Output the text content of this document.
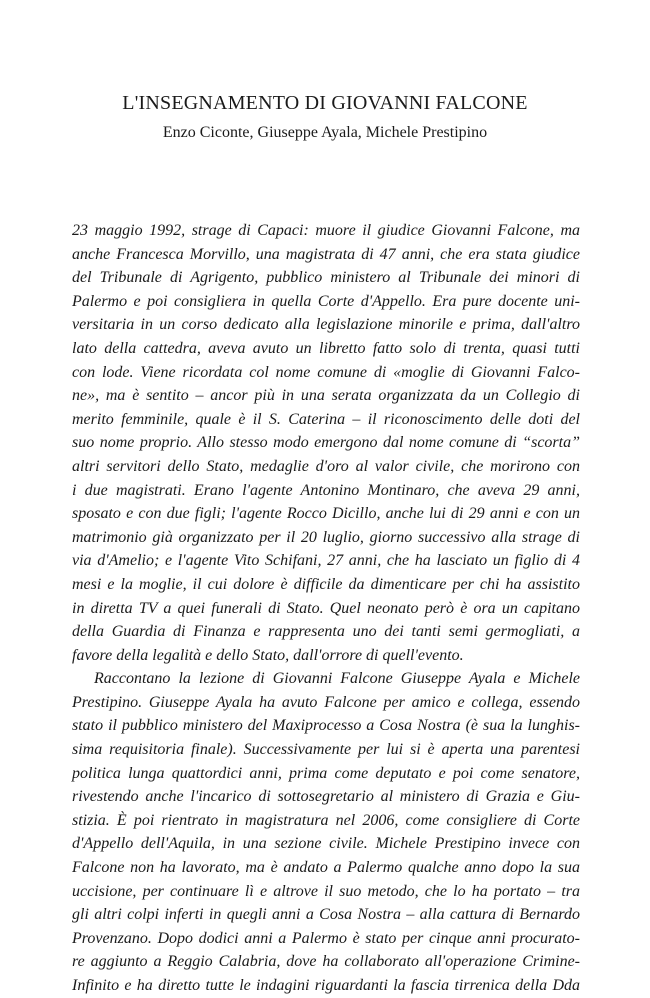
L'INSEGNAMENTO DI GIOVANNI FALCONE
Enzo Ciconte, Giuseppe Ayala, Michele Prestipino

23 maggio 1992, strage di Capaci: muore il giudice Giovanni Falcone, ma
anche Francesca Morvillo, una magistrata di 47 anni, che era stata giudice
del Tribunale di Agrigento, pubblico ministero al Tribunale dei minori di
Palermo e poi consigliera in quella Corte d'Appello. Era pure docente uni-
versitaria in un corso dedicato alla legislazione minorile e prima, dall'altro
lato della cattedra, aveva avuto un libretto fatto solo di trenta, quasi tutti
con lode. Viene ricordata col nome comune di «moglie di Giovanni Falco-
ne», ma è sentito – ancor più in una serata organizzata da un Collegio di
merito femminile, quale è il S. Caterina – il riconoscimento delle doti del
suo nome proprio. Allo stesso modo emergono dal nome comune di “scorta”
altri servitori dello Stato, medaglie d'oro al valor civile, che morirono con
i due magistrati. Erano l'agente Antonino Montinaro, che aveva 29 anni,
sposato e con due figli; l'agente Rocco Dicillo, anche lui di 29 anni e con un
matrimonio già organizzato per il 20 luglio, giorno successivo alla strage di
via d'Amelio; e l'agente Vito Schifani, 27 anni, che ha lasciato un figlio di 4
mesi e la moglie, il cui dolore è difficile da dimenticare per chi ha assistito
in diretta TV a quei funerali di Stato. Quel neonato però è ora un capitano
della Guardia di Finanza e rappresenta uno dei tanti semi germogliati, a
favore della legalità e dello Stato, dall'orrore di quell'evento.

Raccontano la lezione di Giovanni Falcone Giuseppe Ayala e Michele
Prestipino. Giuseppe Ayala ha avuto Falcone per amico e collega, essendo
stato il pubblico ministero del Maxiprocesso a Cosa Nostra (è sua la lunghis-
sima requisitoria finale). Successivamente per lui si è aperta una parentesi
politica lunga quattordici anni, prima come deputato e poi come senatore,
rivestendo anche l'incarico di sottosegretario al ministero di Grazia e Giu-
stizia. È poi rientrato in magistratura nel 2006, come consigliere di Corte
d'Appello dell'Aquila, in una sezione civile. Michele Prestipino invece con
Falcone non ha lavorato, ma è andato a Palermo qualche anno dopo la sua
uccisione, per continuare lì e altrove il suo metodo, che lo ha portato – tra
gli altri colpi inferti in quegli anni a Cosa Nostra – alla cattura di Bernardo
Provenzano. Dopo dodici anni a Palermo è stato per cinque anni procurato-
re aggiunto a Reggio Calabria, dove ha collaborato all'operazione Crimine-
Infinito e ha diretto tutte le indagini riguardanti la fascia tirrenica della Dda
